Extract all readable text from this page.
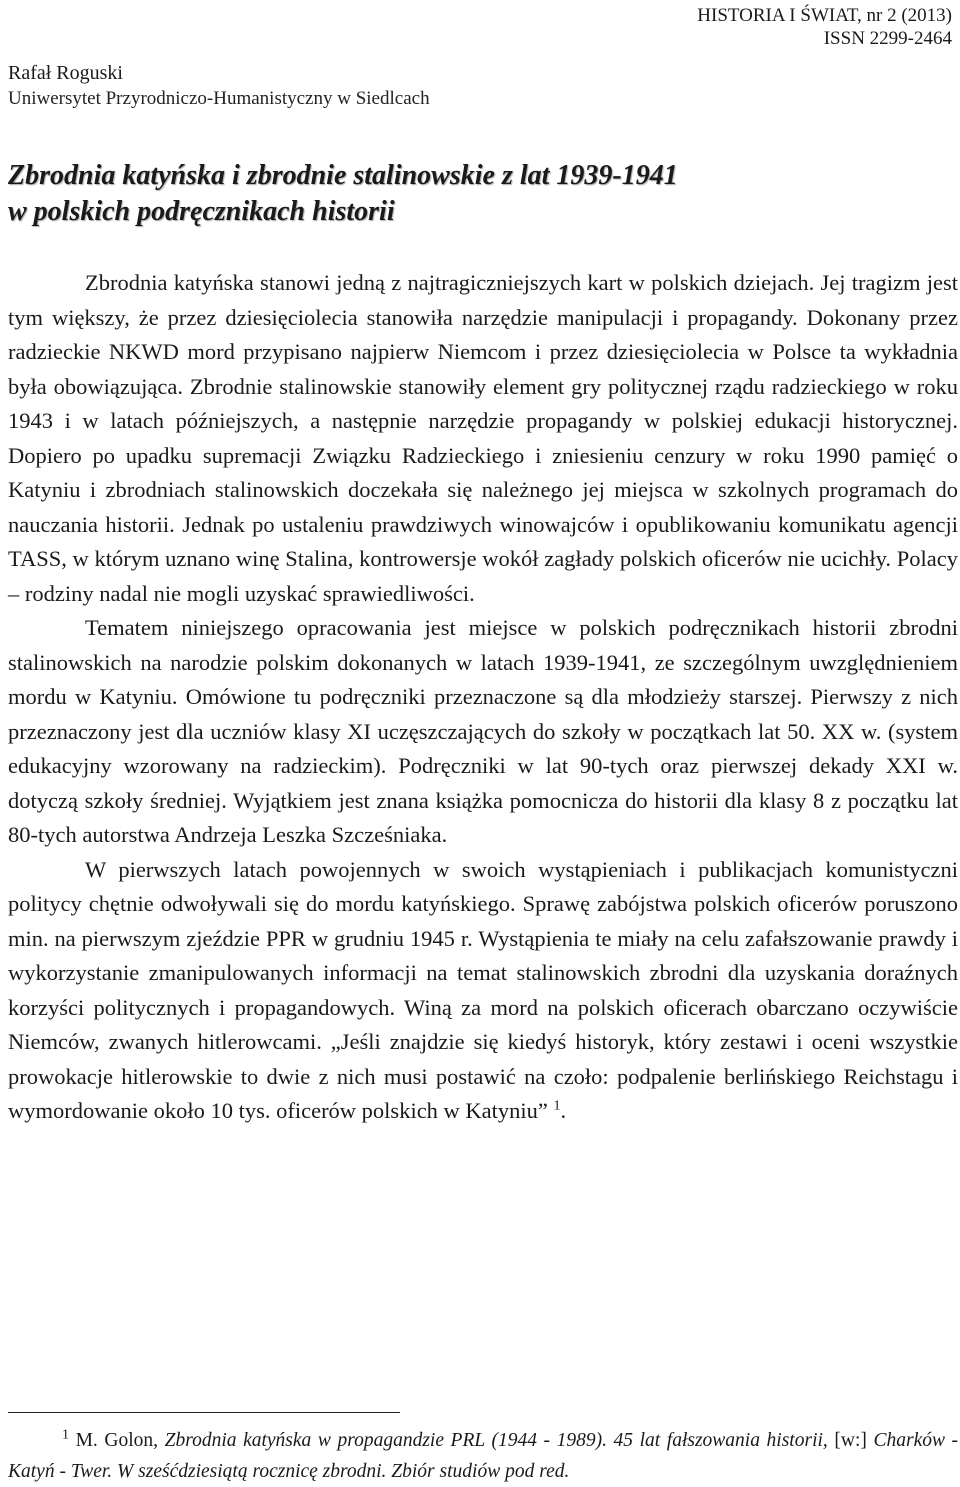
HISTORIA I ŚWIAT, nr 2 (2013)
ISSN 2299-2464
Rafał Roguski
Uniwersytet Przyrodniczo-Humanistyczny w Siedlcach
Zbrodnia katyńska i zbrodnie stalinowskie z lat 1939-1941
w polskich podręcznikach historii

Zbrodnia katyńska stanowi jedną z najtragiczniejszych kart w polskich dziejach. Jej tragizm jest tym większy, że przez dziesięciolecia stanowiła narzędzie manipulacji i propagandy. Dokonany przez radzieckie NKWD mord przypisano najpierw Niemcom i przez dziesięciolecia w Polsce ta wykładnia była obowiązująca. Zbrodnie stalinowskie stanowiły element gry politycznej rządu radzieckiego w roku 1943 i w latach późniejszych, a następnie narzędzie propagandy w polskiej edukacji historycznej. Dopiero po upadku supremacji Związku Radzieckiego i zniesieniu cenzury w roku 1990 pamięć o Katyniu i zbrodniach stalinowskich doczekała się należnego jej miejsca w szkolnych programach do nauczania historii. Jednak po ustaleniu prawdziwych winowajców i opublikowaniu komunikatu agencji TASS, w którym uznano winę Stalina, kontrowersje wokół zagłady polskich oficerów nie ucichły. Polacy – rodziny nadal nie mogli uzyskać sprawiedliwości.

Tematem niniejszego opracowania jest miejsce w polskich podręcznikach historii zbrodni stalinowskich na narodzie polskim dokonanych w latach 1939-1941, ze szczególnym uwzględnieniem mordu w Katyniu. Omówione tu podręczniki przeznaczone są dla młodzieży starszej. Pierwszy z nich przeznaczony jest dla uczniów klasy XI uczęszczających do szkoły w początkach lat 50. XX w. (system edukacyjny wzorowany na radzieckim). Podręczniki w lat 90-tych oraz pierwszej dekady XXI w. dotyczą szkoły średniej. Wyjątkiem jest znana książka pomocnicza do historii dla klasy 8 z początku lat 80-tych autorstwa Andrzeja Leszka Szcześniaka.

W pierwszych latach powojennych w swoich wystąpieniach i publikacjach komunistyczni politycy chętnie odwoływali się do mordu katyńskiego. Sprawę zabójstwa polskich oficerów poruszono min. na pierwszym zjeździe PPR w grudniu 1945 r. Wystąpienia te miały na celu zafałszowanie prawdy i wykorzystanie zmanipulowanych informacji na temat stalinowskich zbrodni dla uzyskania doraźnych korzyści politycznych i propagandowych. Winą za mord na polskich oficerach obarczano oczywiście Niemców, zwanych hitlerowcami. „Jeśli znajdzie się kiedyś historyk, który zestawi i oceni wszystkie prowokacje hitlerowskie to dwie z nich musi postawić na czoło: podpalenie berlińskiego Reichstagu i wymordowanie około 10 tys. oficerów polskich w Katyniu” $^1$.

$^1$ M. Golon, Zbrodnia katyńska w propagandzie PRL (1944 - 1989). 45 lat fałszowania historii, [w:] Charków -Katyń - Twer. W sześćdziesiątą rocznicę zbrodni. Zbiór studiów pod red.
